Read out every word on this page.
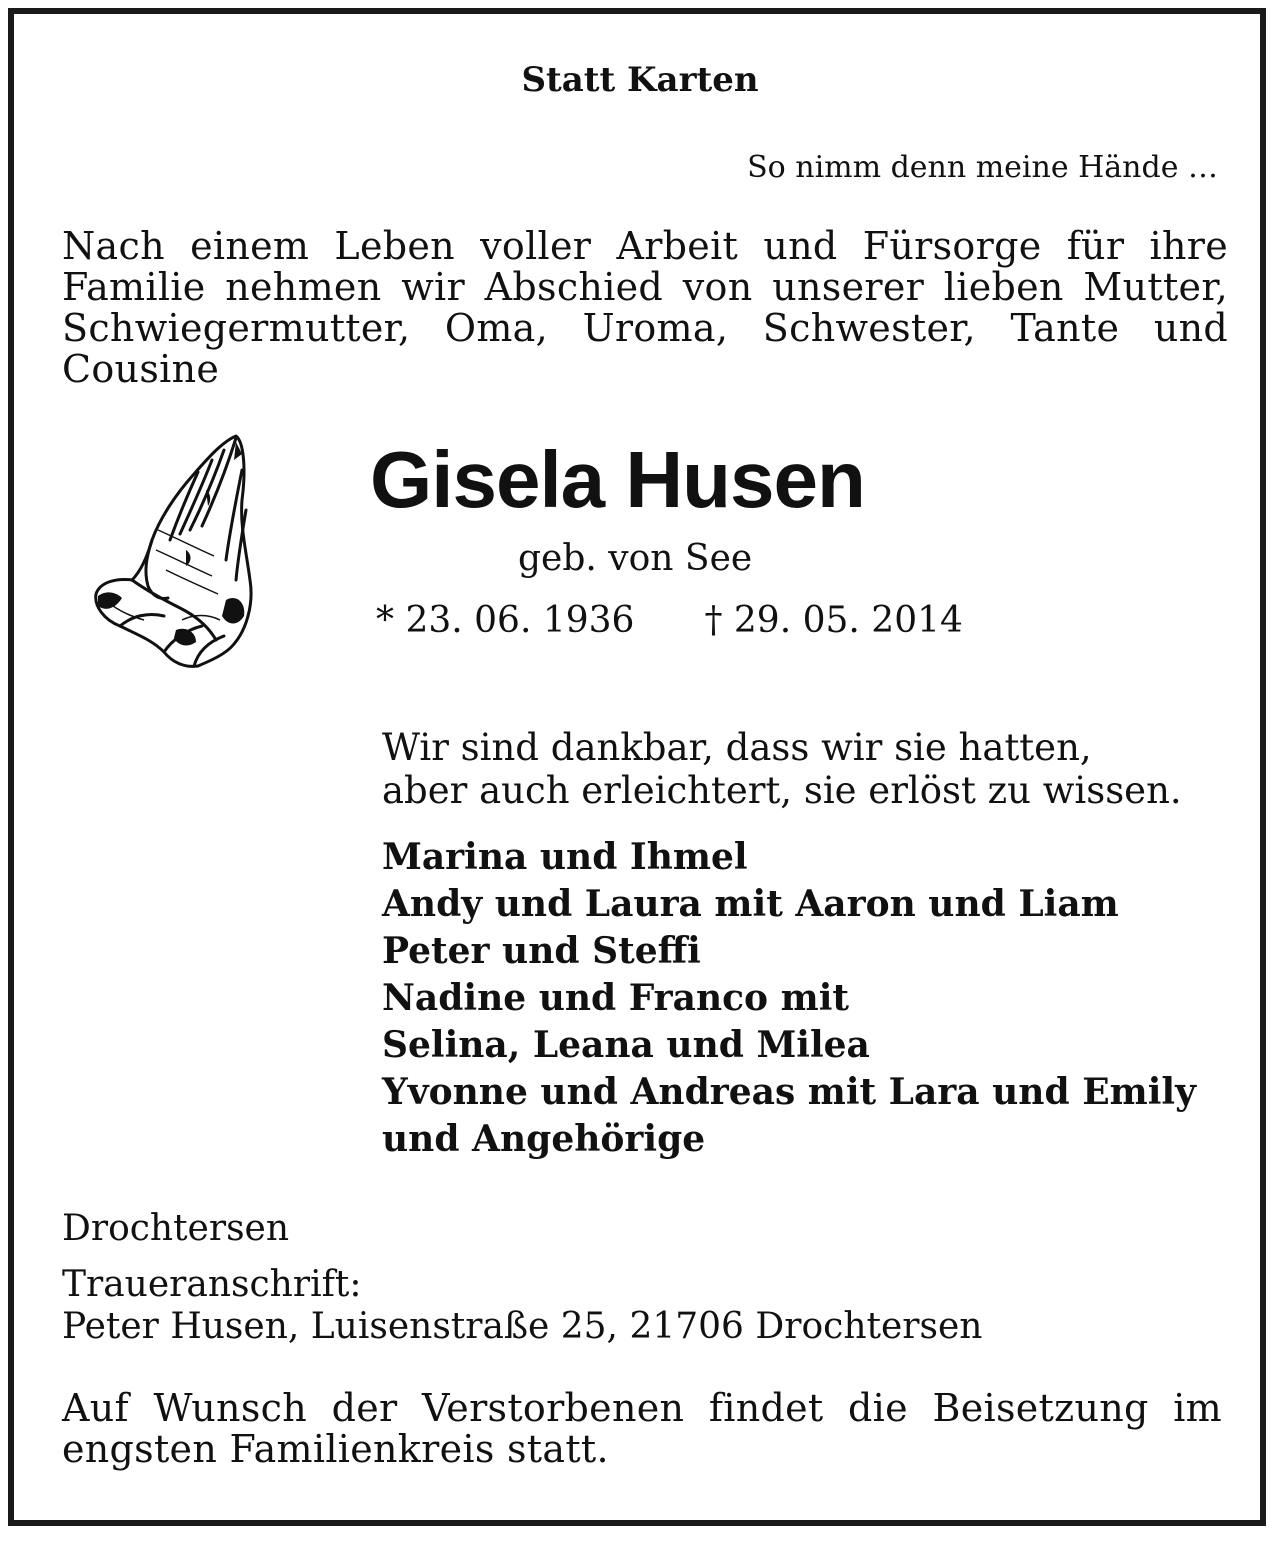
Statt Karten
So nimm denn meine Hände …

Nach einem Leben voller Arbeit und Fürsorge für ihre Familie nehmen wir Abschied von unserer lieben Mutter, Schwiegermutter, Oma, Uroma, Schwester, Tante und Cousine

Gisela Husen
geb. von See
* 23. 06. 1936 † 29. 05. 2014
Wir sind dankbar, dass wir sie hatten,
aber auch erleichtert, sie erlöst zu wissen.
Marina und Ihmel
Andy und Laura mit Aaron und Liam
Peter und Steffi
Nadine und Franco mit
Selina, Leana und Milea
Yvonne und Andreas mit Lara und Emily
und Angehörige
Drochtersen
Traueranschrift:
Peter Husen, Luisenstraße 25, 21706 Drochtersen

Auf Wunsch der Verstorbenen findet die Beisetzung im engsten Familienkreis statt.
